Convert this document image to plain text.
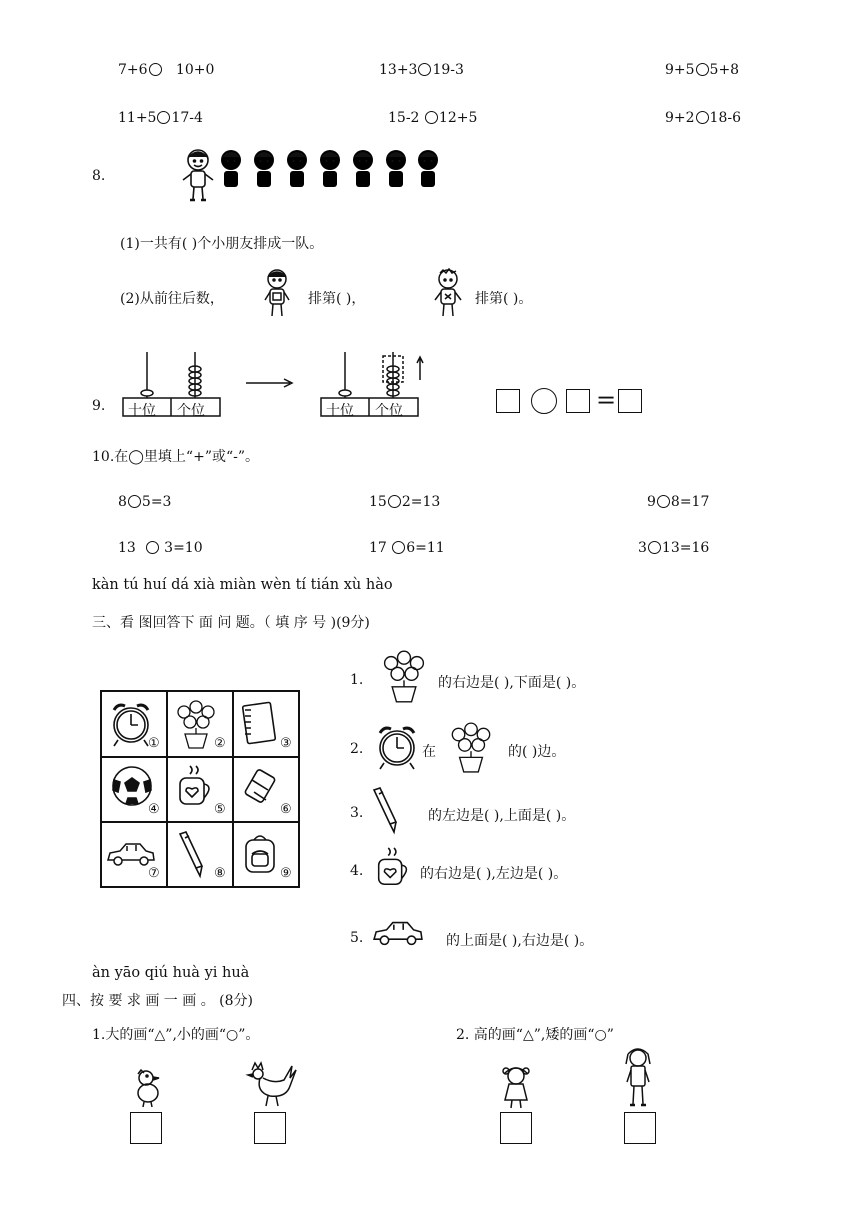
7+6 10+0	13+3 19-3	9+5 5+8
11+5 17-4	15-2 12+5	9+2 18-6
8.
(1)一共有( )个小朋友排成一队。
(2)从前往后数，	排第( )，	排第( )。
9. 十位 个位	十位 个位	=
10.在◯里填上“+”或“-”。
8 5=3	15 2=13	9 8=17
13   3=10	17 6=11	3 13=16
kàn tú huí dá xià miàn wèn tí tián xù hào
三、看 图回答下 面 问 题。（ 填 序 号 )(9分)
①	②	③
④	⑤	⑥
⑦	⑧	⑨
1.	的右边是( ),下面是( )。
2.	在	的( )边。
3.	的左边是( ),上面是( )。
4.	的右边是( ),左边是( )。
5.	的上面是( ),右边是( )。
àn yāo qiú huà yi huà
四、按 要 求 画 一 画 。 (8分)
1.大的画“△”,小的画“○”。	2. 高的画“△”,矮的画“○”
